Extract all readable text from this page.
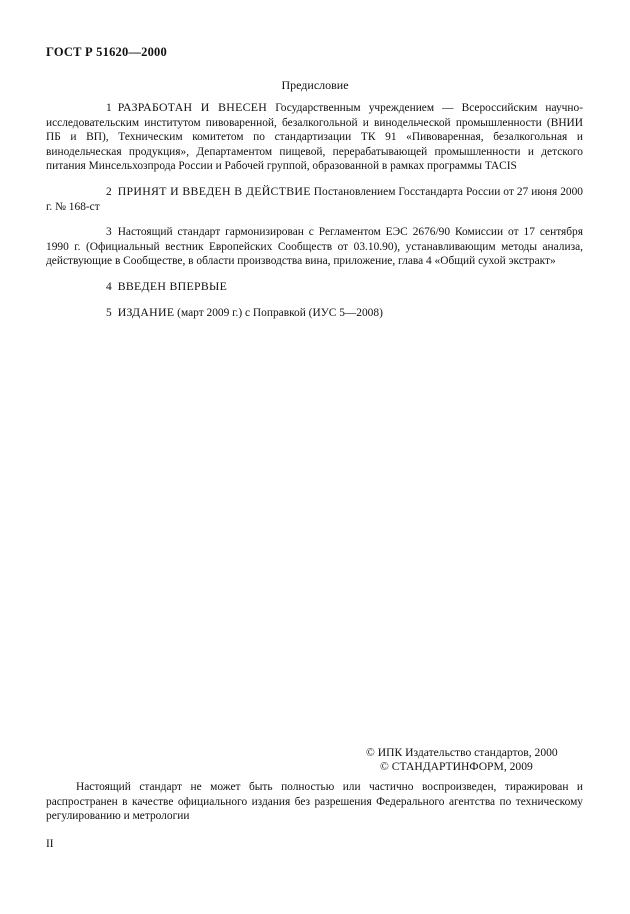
ГОСТ Р 51620—2000
Предисловие

1 РАЗРАБОТАН И ВНЕСЕН Государственным учреждением — Всероссийским научно-исследовательским институтом пивоваренной, безалкогольной и винодельческой промышленности (ВНИИ ПБ и ВП), Техническим комитетом по стандартизации ТК 91 «Пивоваренная, безалкогольная и винодельческая продукция», Департаментом пищевой, перерабатывающей промышленности и детского питания Минсельхозпрода России и Рабочей группой, образованной в рамках программы TACIS

2 ПРИНЯТ И ВВЕДЕН В ДЕЙСТВИЕ Постановлением Госстандарта России от 27 июня 2000 г. № 168-ст

3 Настоящий стандарт гармонизирован с Регламентом ЕЭС 2676/90 Комиссии от 17 сентября 1990 г. (Официальный вестник Европейских Сообществ от 03.10.90), устанавливающим методы анализа, действующие в Сообществе, в области производства вина, приложение, глава 4 «Общий сухой экстракт»

4 ВВЕДЕН ВПЕРВЫЕ

5 ИЗДАНИЕ (март 2009 г.) с Поправкой (ИУС 5—2008)

© ИПК Издательство стандартов, 2000
© СТАНДАРТИНФОРМ, 2009
Настоящий стандарт не может быть полностью или частично воспроизведен, тиражирован и распространен в качестве официального издания без разрешения Федерального агентства по техническому регулированию и метрологии
II
